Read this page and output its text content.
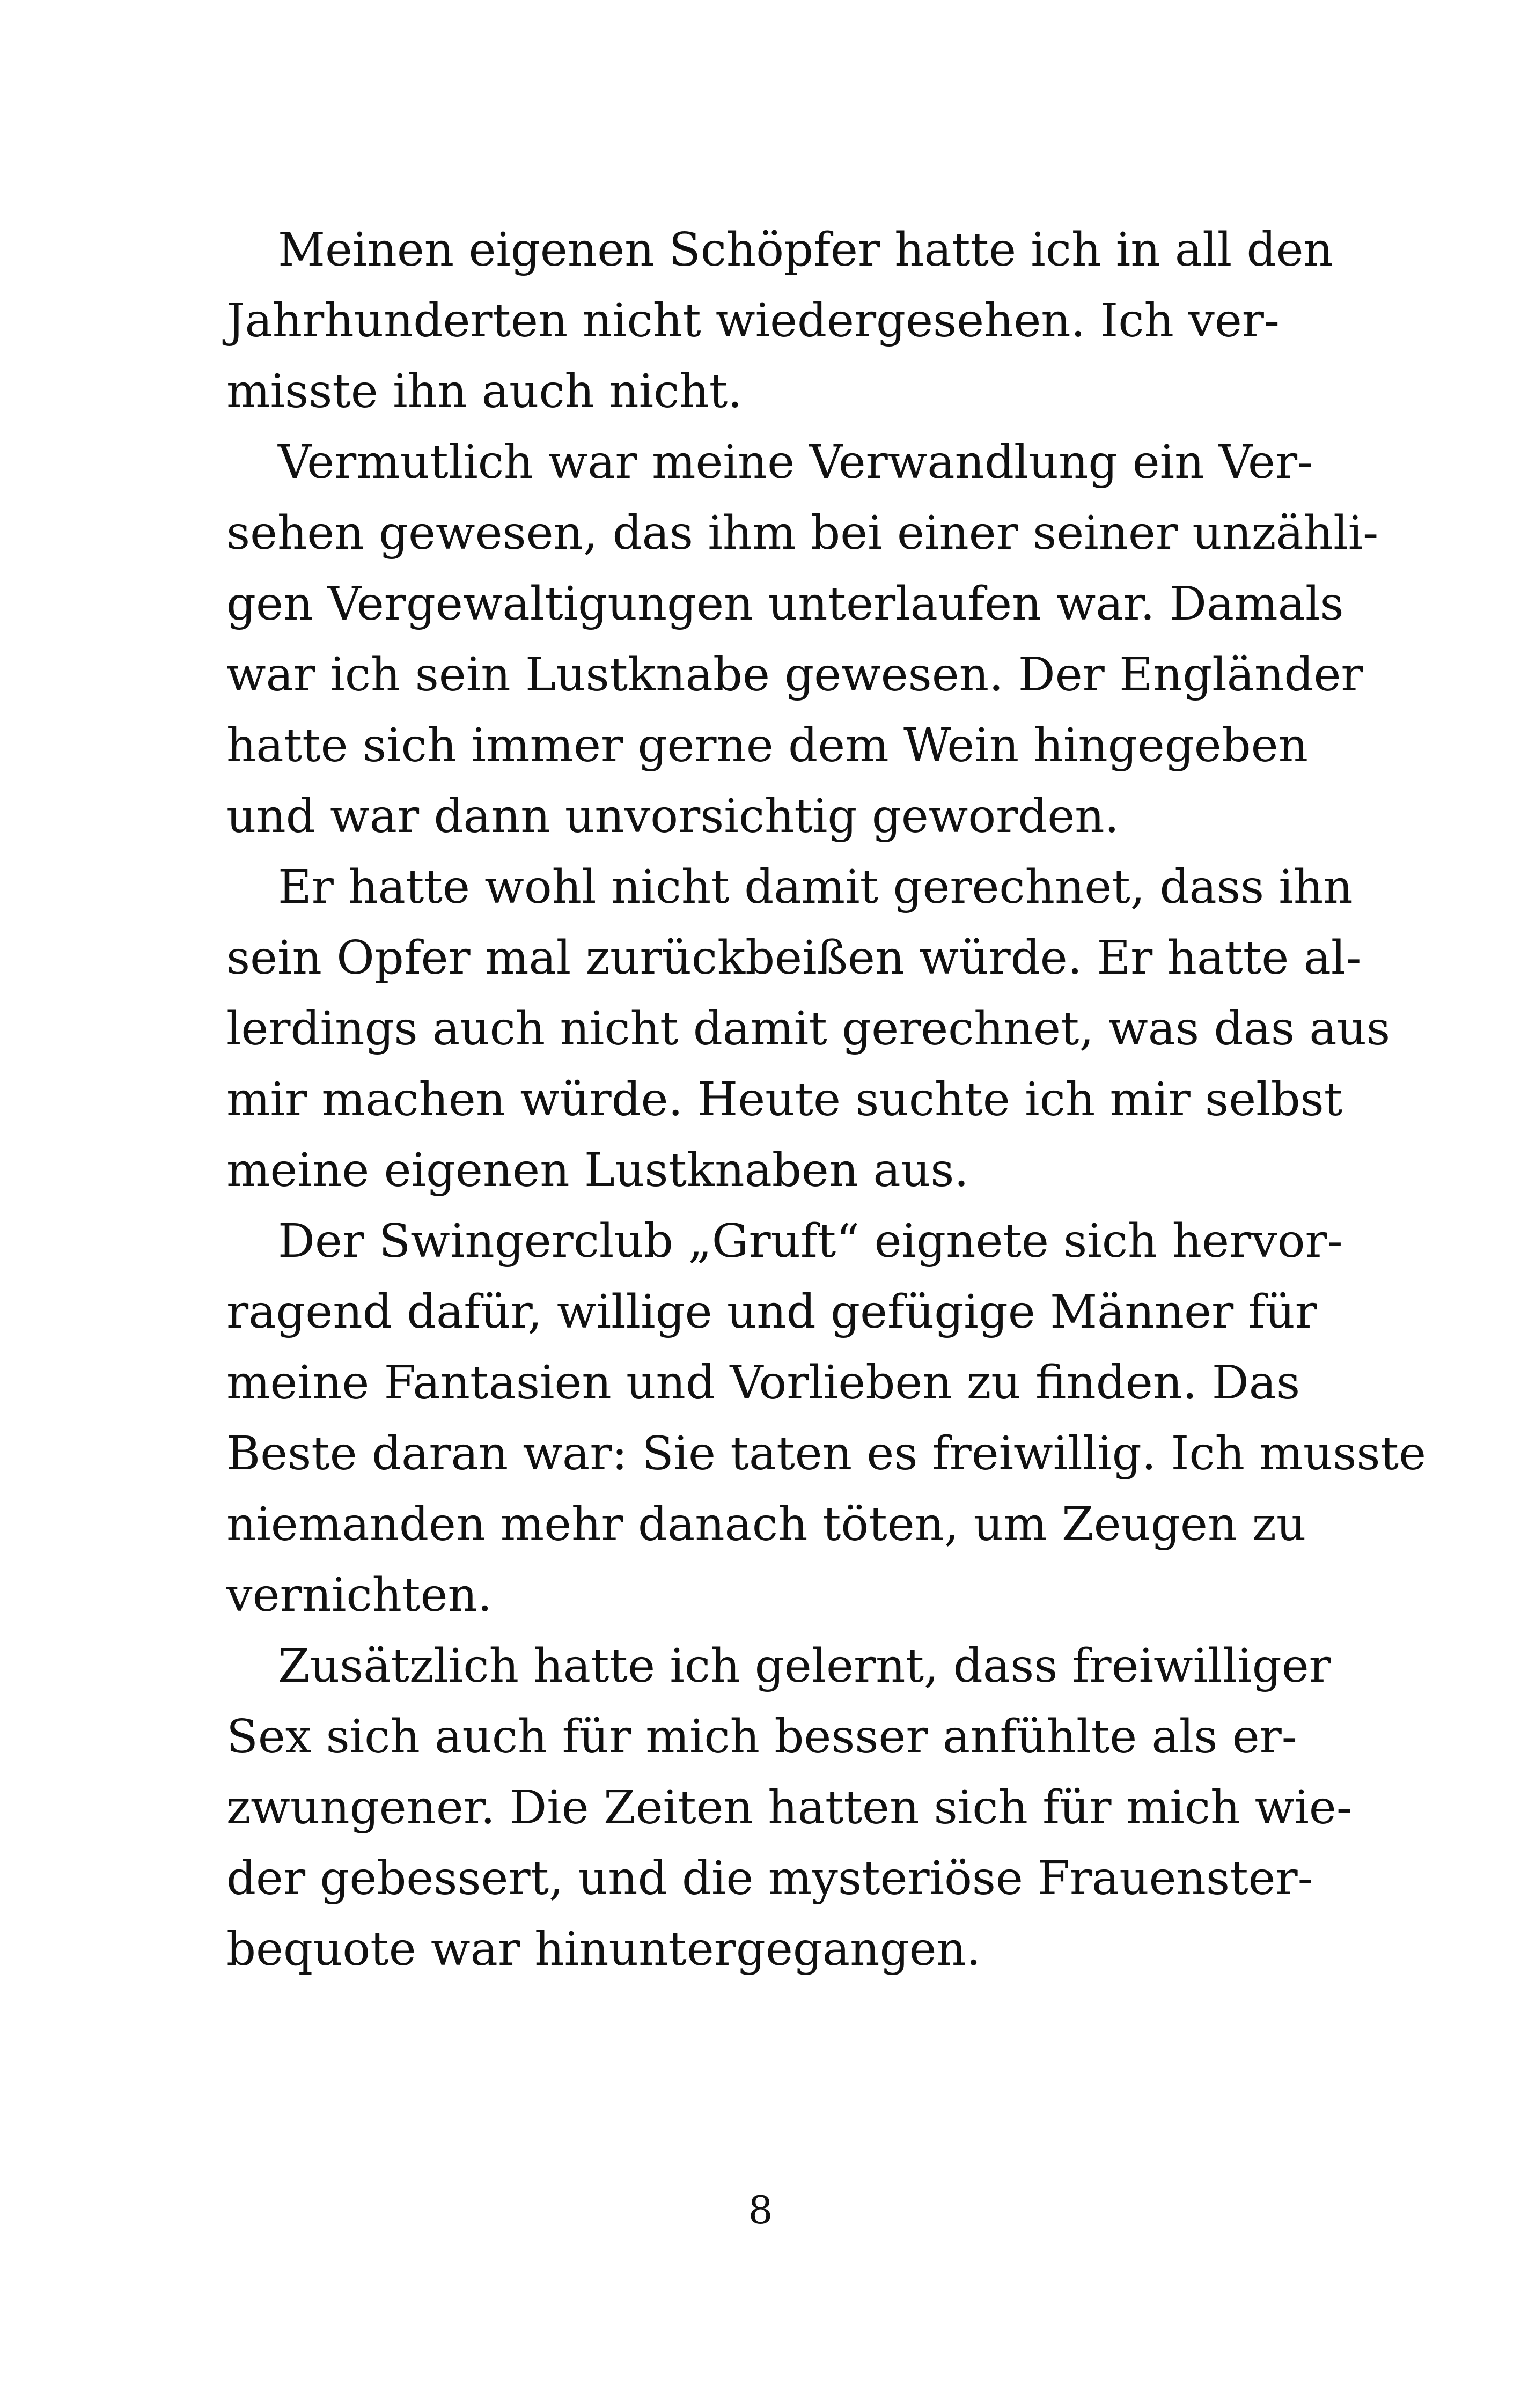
Meinen eigenen Schöpfer hatte ich in all den
Jahrhunderten nicht wiedergesehen. Ich ver-
misste ihn auch nicht.
Vermutlich war meine Verwandlung ein Ver-
sehen gewesen, das ihm bei einer seiner unzähli-
gen Vergewaltigungen unterlaufen war. Damals
war ich sein Lustknabe gewesen. Der Engländer
hatte sich immer gerne dem Wein hingegeben
und war dann unvorsichtig geworden.
Er hatte wohl nicht damit gerechnet, dass ihn
sein Opfer mal zurückbeißen würde. Er hatte al-
lerdings auch nicht damit gerechnet, was das aus
mir machen würde. Heute suchte ich mir selbst
meine eigenen Lustknaben aus.
Der Swingerclub „Gruft“ eignete sich hervor-
ragend dafür, willige und gefügige Männer für
meine Fantasien und Vorlieben zu finden. Das
Beste daran war: Sie taten es freiwillig. Ich musste
niemanden mehr danach töten, um Zeugen zu
vernichten.
Zusätzlich hatte ich gelernt, dass freiwilliger
Sex sich auch für mich besser anfühlte als er-
zwungener. Die Zeiten hatten sich für mich wie-
der gebessert, und die mysteriöse Frauenster-
bequote war hinuntergegangen.
8
